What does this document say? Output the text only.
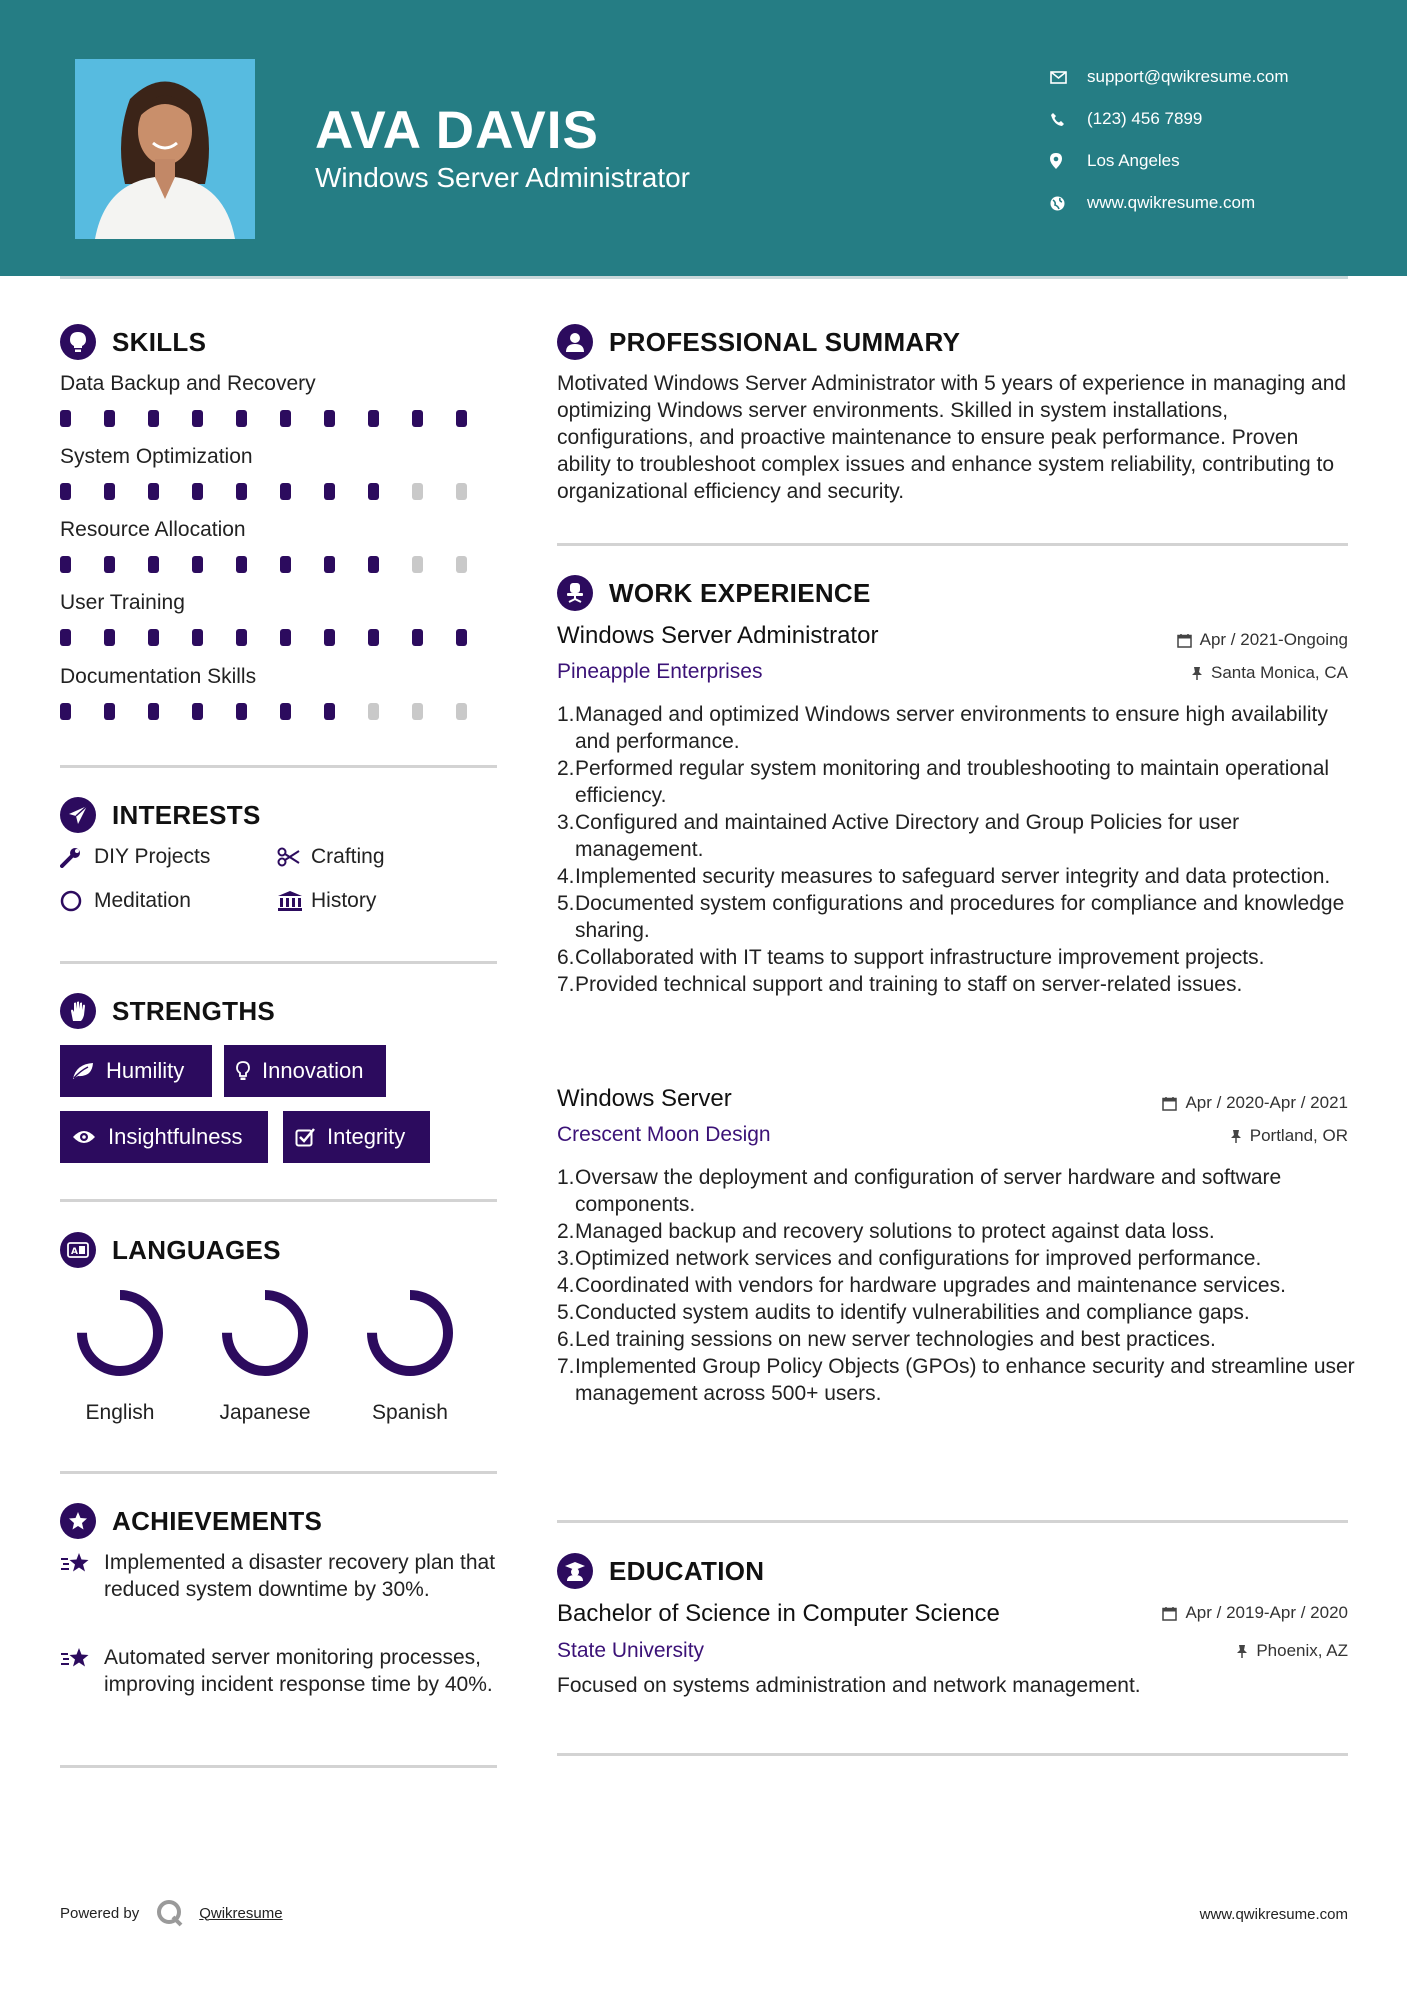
AVA DAVIS
Windows Server Administrator
support@qwikresume.com
(123) 456 7899
Los Angeles
www.qwikresume.com
SKILLS
Data Backup and Recovery
System Optimization
Resource Allocation
User Training
Documentation Skills
INTERESTS
DIY Projects	Crafting
Meditation	History
STRENGTHS
Humility	Innovation
Insightfulness	Integrity
A LANGUAGES
English	Japanese	Spanish
ACHIEVEMENTS
Implemented a disaster recovery plan that reduced system downtime by 30%.
Automated server monitoring processes, improving incident response time by 40%.
PROFESSIONAL SUMMARY
Motivated Windows Server Administrator with 5 years of experience in managing and optimizing Windows server environments. Skilled in system installations, configurations, and proactive maintenance to ensure peak performance. Proven ability to troubleshoot complex issues and enhance system reliability, contributing to organizational efficiency and security.
WORK EXPERIENCE
Windows Server Administrator	Apr / 2021-Ongoing
Pineapple Enterprises	Santa Monica, CA
1. Managed and optimized Windows server environments to ensure high availability and performance.
2. Performed regular system monitoring and troubleshooting to maintain operational efficiency.
3. Configured and maintained Active Directory and Group Policies for user management.
4. Implemented security measures to safeguard server integrity and data protection.
5. Documented system configurations and procedures for compliance and knowledge sharing.
6. Collaborated with IT teams to support infrastructure improvement projects.
7. Provided technical support and training to staff on server-related issues.
Windows Server	Apr / 2020-Apr / 2021
Crescent Moon Design	Portland, OR
1. Oversaw the deployment and configuration of server hardware and software components.
2. Managed backup and recovery solutions to protect against data loss.
3. Optimized network services and configurations for improved performance.
4. Coordinated with vendors for hardware upgrades and maintenance services.
5. Conducted system audits to identify vulnerabilities and compliance gaps.
6. Led training sessions on new server technologies and best practices.
7. Implemented Group Policy Objects (GPOs) to enhance security and streamline user management across 500+ users.
EDUCATION
Bachelor of Science in Computer Science	Apr / 2019-Apr / 2020
State University	Phoenix, AZ
Focused on systems administration and network management.
Powered by	Qwikresume	www.qwikresume.com
